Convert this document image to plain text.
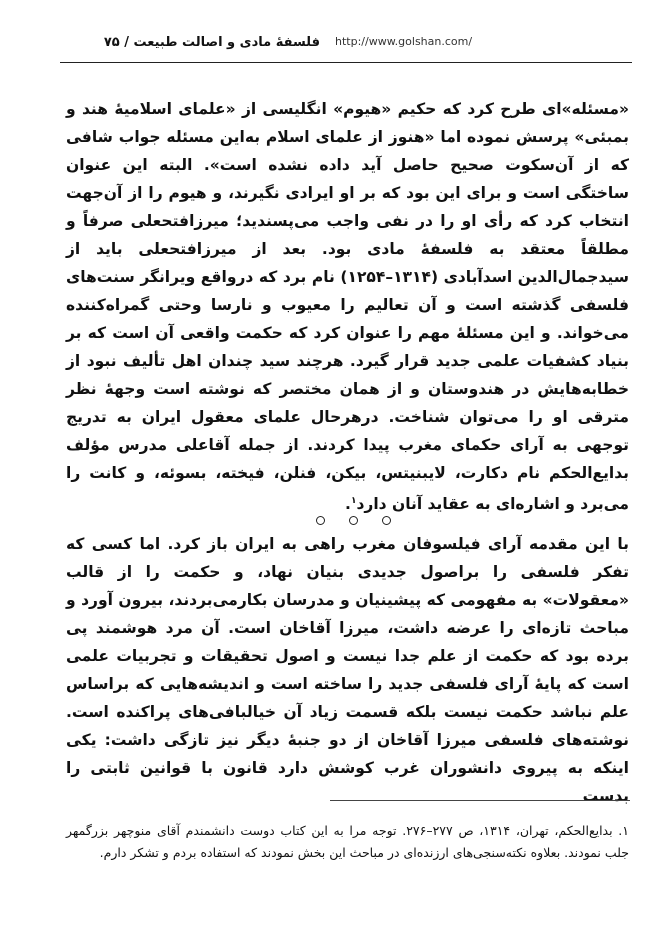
فلسفهٔ مادی و اصالت طبیعت / ۷۵ http://www.golshan.com/

«مسئله»ای طرح کرد که حکیم «هیوم» انگلیسی از «علمای اسلامیهٔ هند و بمبئی» پرسش نموده اما «هنوز از علمای اسلام به‌این مسئله جواب شافی که از آن‌سکوت صحیح حاصل آید داده نشده است». البته این عنوان ساختگی است و برای این بود که بر او ایرادی نگیرند، و هیوم را از آن‌جهت انتخاب کرد که رأی او را در نفی واجب می‌پسندید؛ میرزافتحعلی صرفاً و مطلقاً معتقد به فلسفهٔ مادی بود. بعد از میرزافتحعلی باید از سیدجمال‌الدین اسدآبادی (۱۳۱۴–۱۲۵۴) نام برد که درواقع ویرانگر سنت‌های فلسفی گذشته است و آن تعالیم را معیوب و نارسا وحتی گمراه‌کننده می‌خواند. و این مسئلهٔ مهم را عنوان کرد که حکمت واقعی آن است که بر بنیاد کشفیات علمی جدید قرار گیرد. هرچند سید چندان اهل تألیف نبود از خطابه‌هایش در هندوستان و از همان مختصر که نوشته است وجههٔ نظر مترقی او را می‌توان شناخت. درهرحال علمای معقول ایران به تدریج توجهی به آرای حکمای مغرب پیدا کردند. از جمله آقاعلی مدرس مؤلف بدایع‌الحکم نام دکارت، لایبنیتس، بیکن، فنلن، فیخته، بسوئه، و کانت را می‌برد و اشاره‌ای به عقاید آنان دارد$^۱$.

با این مقدمه آرای فیلسوفان مغرب راهی به ایران باز کرد. اما کسی که تفکر فلسفی را براصول جدیدی بنیان نهاد، و حکمت را از قالب «معقولات» به مفهومی که پیشینیان و مدرسان بکارمی‌بردند، بیرون آورد و مباحث تازه‌ای را عرضه داشت، میرزا آقاخان است. آن مرد هوشمند پی برده بود که حکمت از علم جدا نیست و اصول تحقیقات و تجربیات علمی است که پایهٔ آرای فلسفی جدید را ساخته است و اندیشه‌هایی که براساس علم نباشد حکمت نیست بلکه قسمت زیاد آن خیالبافی‌های پراکنده است. نوشته‌های فلسفی میرزا آقاخان از دو جنبهٔ دیگر نیز تازگی داشت: یکی اینکه به پیروی دانشوران غرب کوشش دارد قانون با قوانین ثابتی را بدست

۱. بدایع‌الحکم، تهران، ۱۳۱۴، ص ۲۷۷–۲۷۶. توجه مرا به این کتاب دوست دانشمندم آقای منوچهر بزرگمهر جلب نمودند. بعلاوه نکته‌سنجی‌های ارزنده‌ای در مباحث این بخش نمودند که استفاده بردم و تشکر دارم.
